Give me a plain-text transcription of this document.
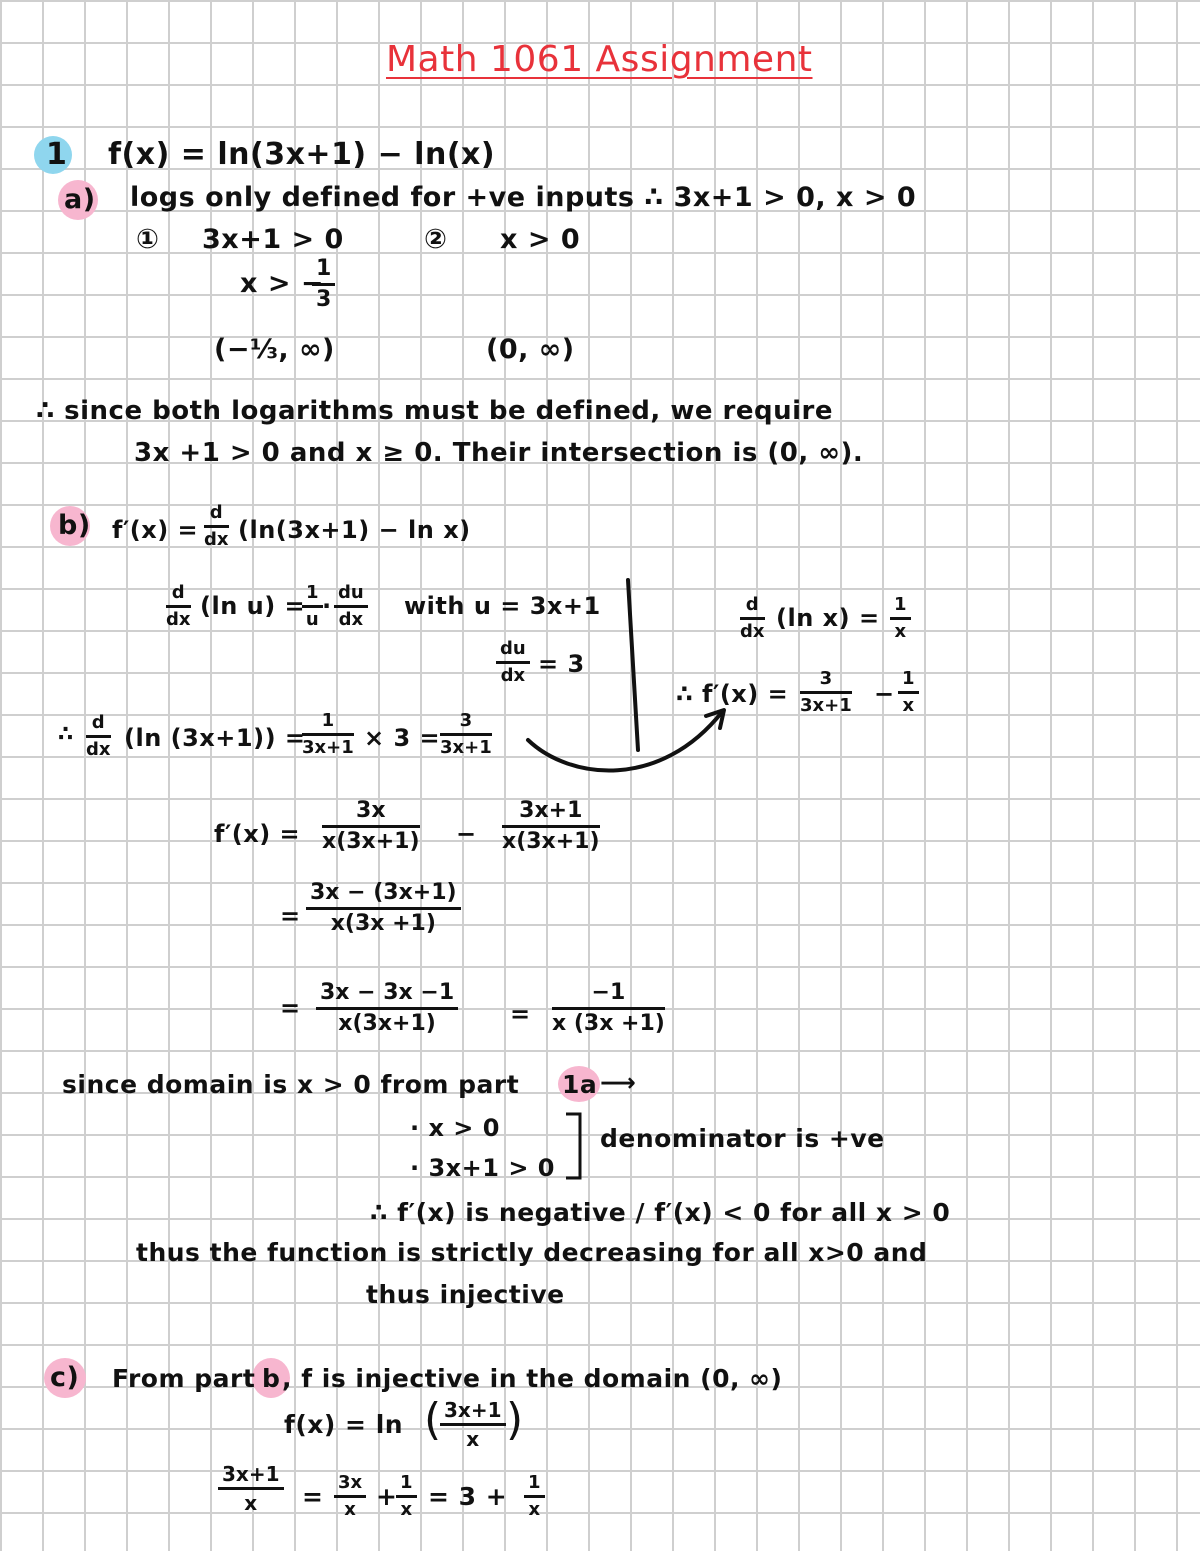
Math 1061 Assignment
1 f(x) = ln(3x+1) − ln(x)
a) logs only defined for +ve inputs ∴ 3x+1 > 0, x > 0
① 3x+1 > 0	② x > 0
x > −
$\frac{1}{3}$
(−⅓, ∞)	(0, ∞)
∴ since both logarithms must be defined, we require
3x +1 > 0 and x ≥ 0. Their intersection is (0, ∞).
b) $f'(x) = \frac{d}{dx} (\ln(3x+1) - \ln x)$
$\frac{d}{dx} (\ln$ u) =
$\frac{1}{u} \cdot \frac{du}{dx}$ with u = 3x+1
$\frac{du}{dx} = 3$
$\frac{d}{dx} (\ln$ $x) = \frac{1}{x}$
∴ $f'(x) = \frac{3}{3x+1} - \frac{1}{x}$
∴ $\frac{d}{dx} (\ln$ (3x+1)) =
$\frac{1}{3x+1} \times 3 = \frac{3}{3x+1}$
$f'(x) = \frac{3x}{x(3x+1)} - \frac{3x+1}{x(3x+1)}$
= $\frac{3x - (3x+1)}{x(3x +1)}$
= $\frac{3x - 3x -1}{x(3x+1)} = \frac{-1}{x (3x +1)}$
since domain is x > 0 from part 1a ⟶
· x > 0
· 3x+1 > 0
denominator is +ve
∴ f′(x) is negative / f′(x) < 0 for all x > 0
thus the function is strictly decreasing for all x>0 and
thus injective
c) From part b , f is injective in the domain (0, ∞)
f(x) = ln (
$\frac{3x+1}{x}$ )
$\frac{3x+1}{x} = \frac{3x}{x}$ +
$\frac{1}{x} = 3 + \frac{1}{x}$
